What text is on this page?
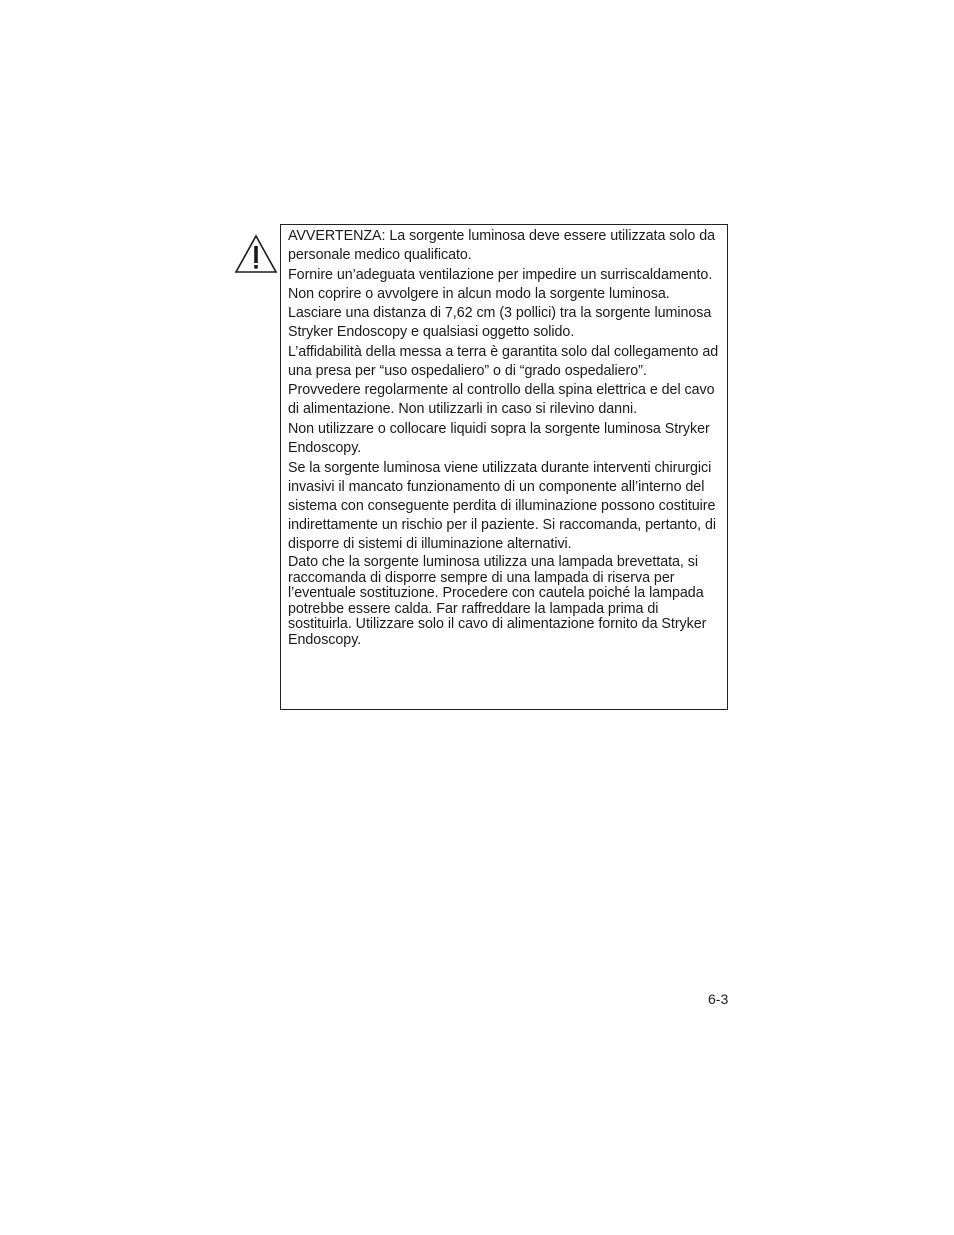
AVVERTENZA: La sorgente luminosa deve essere utilizzata solo da personale medico qualificato.

Fornire un’adeguata ventilazione per impedire un surriscaldamento. Non coprire o avvolgere in alcun modo la sorgente luminosa. Lasciare una distanza di 7,62 cm (3 pollici) tra la sorgente luminosa Stryker Endoscopy e qualsiasi oggetto solido.

L’affidabilità della messa a terra è garantita solo dal collegamento ad una presa per “uso ospedaliero” o di “grado ospedaliero”. Provvedere regolarmente al controllo della spina elettrica e del cavo di alimentazione. Non utilizzarli in caso si rilevino danni.

Non utilizzare o collocare liquidi sopra la sorgente luminosa Stryker Endoscopy.

Se la sorgente luminosa viene utilizzata durante interventi chirurgici invasivi il mancato funzionamento di un componente all’interno del sistema con conseguente perdita di illuminazione possono costituire indirettamente un rischio per il paziente. Si raccomanda, pertanto, di disporre di sistemi di illuminazione alternativi.

Dato che la sorgente luminosa utilizza una lampada brevettata, si raccomanda di disporre sempre di una lampada di riserva per l’eventuale sostituzione. Procedere con cautela poiché la lampada potrebbe essere calda. Far raffreddare la lampada prima di sostituirla. Utilizzare solo il cavo di alimentazione fornito da Stryker Endoscopy.

6-3
